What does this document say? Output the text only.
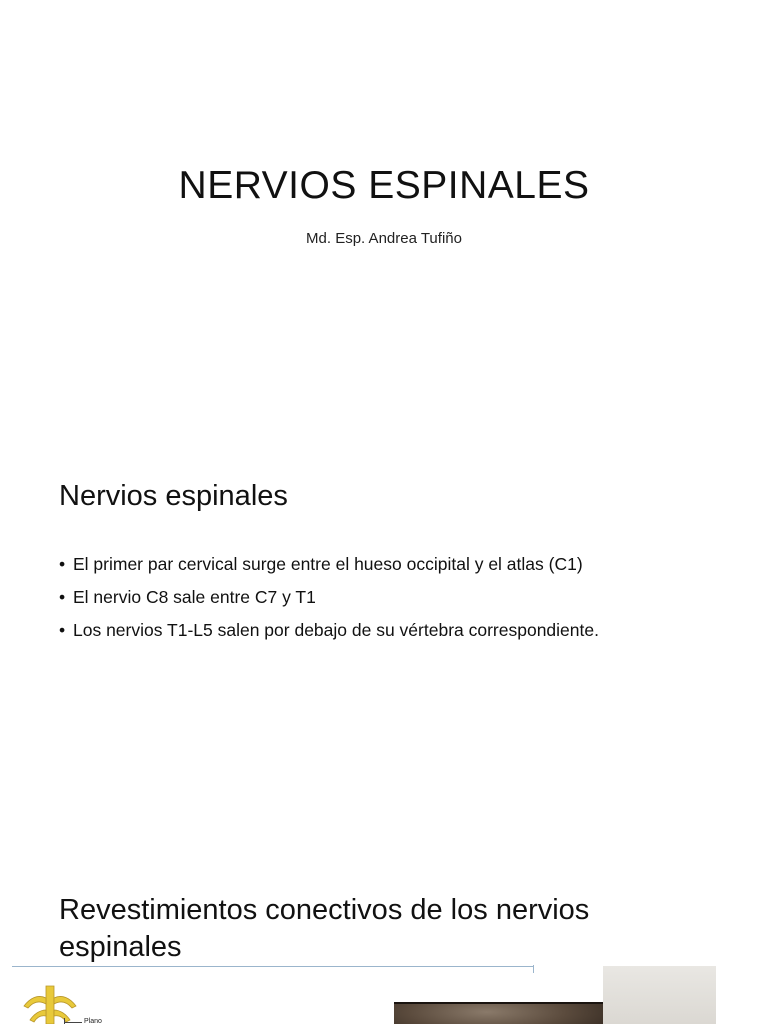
NERVIOS ESPINALES

Md. Esp. Andrea Tufiño

Nervios espinales
• El primer par cervical surge entre el hueso occipital y el atlas (C1)
• El nervio C8 sale entre C7 y T1
• Los nervios T1-L5 salen por debajo de su vértebra correspondiente.
Revestimientos conectivos de los nervios espinales
Plano
